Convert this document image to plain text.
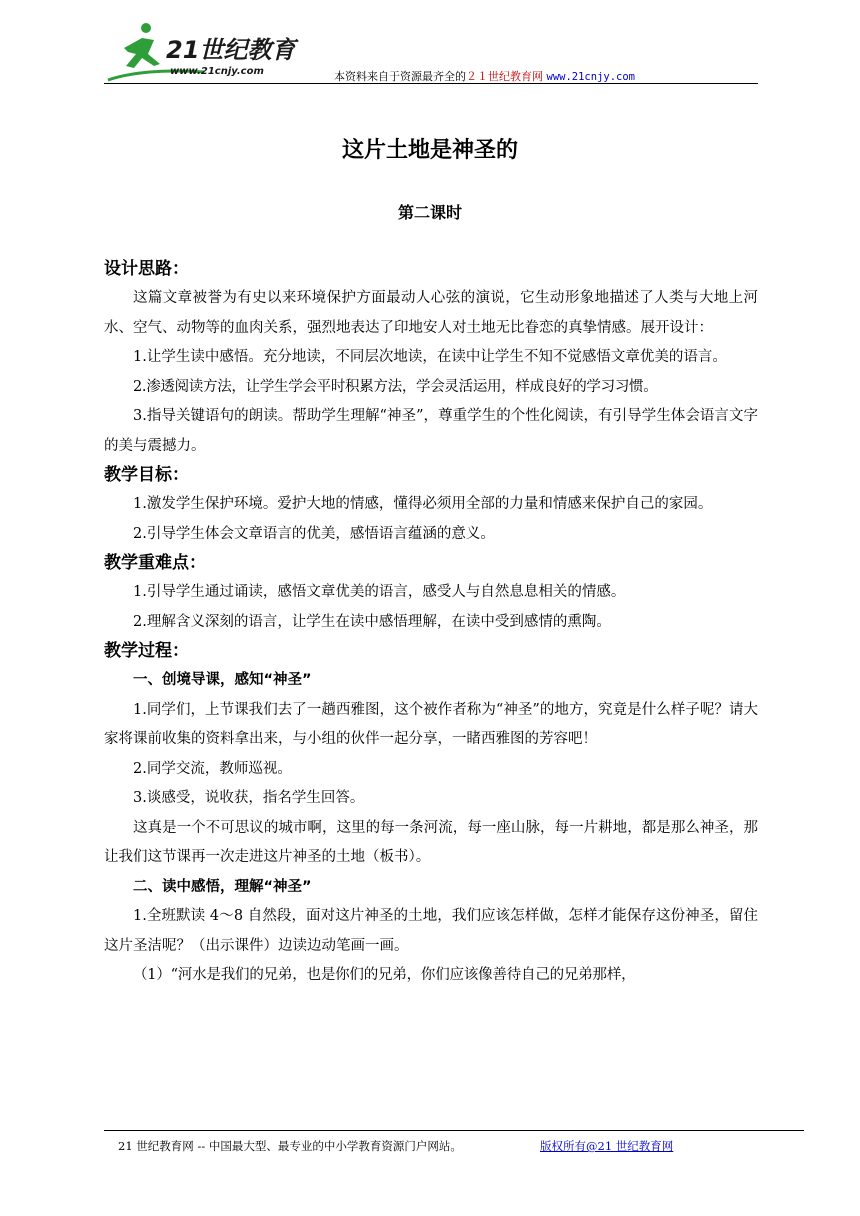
21世纪教育
www.21cnjy.com	本资料来自于资源最齐全的２１世纪教育网 www.21cnjy.com
这片土地是神圣的
第二课时

设计思路：

这篇文章被誉为有史以来环境保护方面最动人心弦的演说，它生动形象地描述了人类与大地上河水、空气、动物等的血肉关系，强烈地表达了印地安人对土地无比眷恋的真挚情感。展开设计：

1.让学生读中感悟。充分地读，不同层次地读，在读中让学生不知不觉感悟文章优美的语言。

2.渗透阅读方法，让学生学会平时积累方法，学会灵活运用，样成良好的学习习惯。

3.指导关键语句的朗读。帮助学生理解“神圣”，尊重学生的个性化阅读，有引导学生体会语言文字的美与震撼力。

教学目标：

1.激发学生保护环境。爱护大地的情感，懂得必须用全部的力量和情感来保护自己的家园。

2.引导学生体会文章语言的优美，感悟语言蕴涵的意义。

教学重难点：

1.引导学生通过诵读，感悟文章优美的语言，感受人与自然息息相关的情感。

2.理解含义深刻的语言，让学生在读中感悟理解，在读中受到感情的熏陶。

教学过程：

一、创境导课，感知“神圣”

1.同学们，上节课我们去了一趟西雅图，这个被作者称为“神圣”的地方，究竟是什么样子呢？请大家将课前收集的资料拿出来，与小组的伙伴一起分享，一睹西雅图的芳容吧！

2.同学交流，教师巡视。

3.谈感受，说收获，指名学生回答。

这真是一个不可思议的城市啊，这里的每一条河流，每一座山脉，每一片耕地，都是那么神圣，那让我们这节课再一次走进这片神圣的土地（板书）。

二、读中感悟，理解“神圣”

1.全班默读 4～8 自然段，面对这片神圣的土地，我们应该怎样做，怎样才能保存这份神圣，留住这片圣洁呢？（出示课件）边读边动笔画一画。

（1）“河水是我们的兄弟，也是你们的兄弟，你们应该像善待自己的兄弟那样，

21 世纪教育网 -- 中国最大型、最专业的中小学教育资源门户网站。	版权所有@21 世纪教育网
